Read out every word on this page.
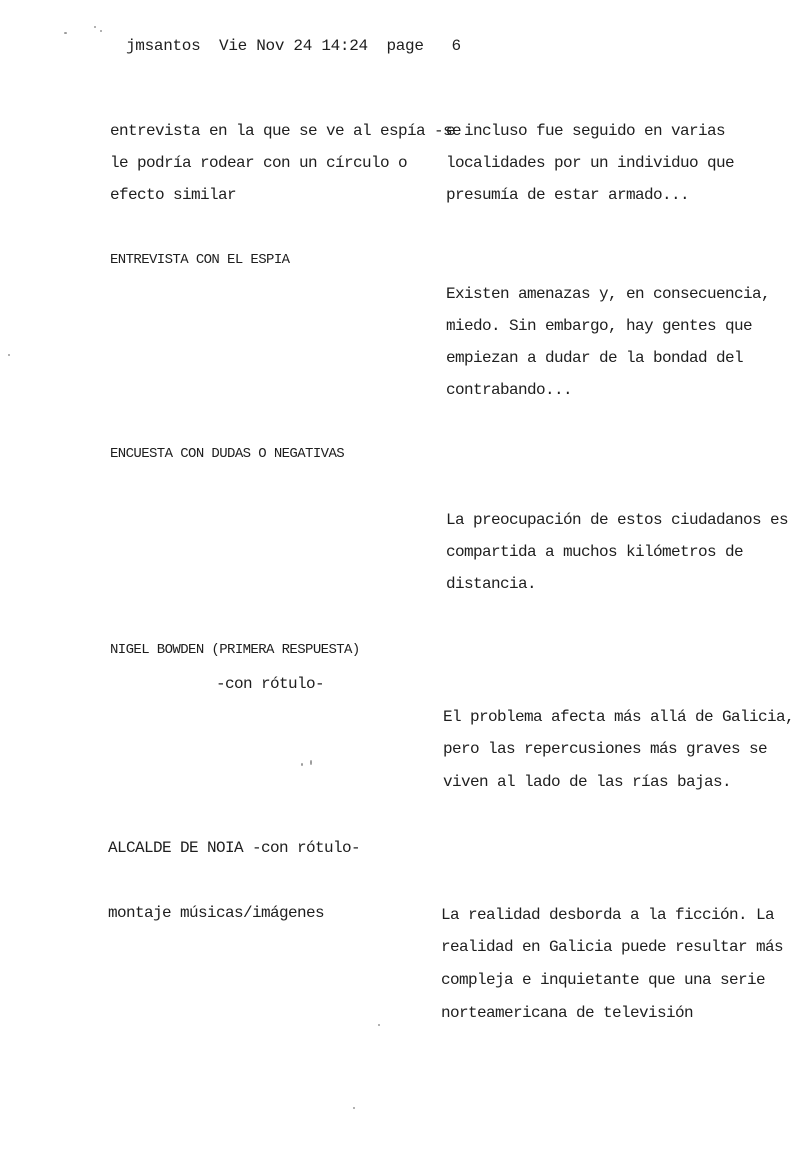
jmsantos  Vie Nov 24 14:24  page   6
entrevista en la que se ve al espía -se
le podría rodear con un círculo o
efecto similar
e incluso fue seguido en varias
localidades por un individuo que
presumía de estar armado...
ENTREVISTA CON EL ESPIA
Existen amenazas y, en consecuencia,
miedo. Sin embargo, hay gentes que
empiezan a dudar de la bondad del
contrabando...
ENCUESTA CON DUDAS O NEGATIVAS
La preocupación de estos ciudadanos es
compartida a muchos kilómetros de
distancia.
NIGEL BOWDEN (PRIMERA RESPUESTA)
-con rótulo-
El problema afecta más allá de Galicia,
pero las repercusiones más graves se
viven al lado de las rías bajas.
ALCALDE DE NOIA -con rótulo-
montaje músicas/imágenes	La realidad desborda a la ficción. La
realidad en Galicia puede resultar más
compleja e inquietante que una serie
norteamericana de televisión
